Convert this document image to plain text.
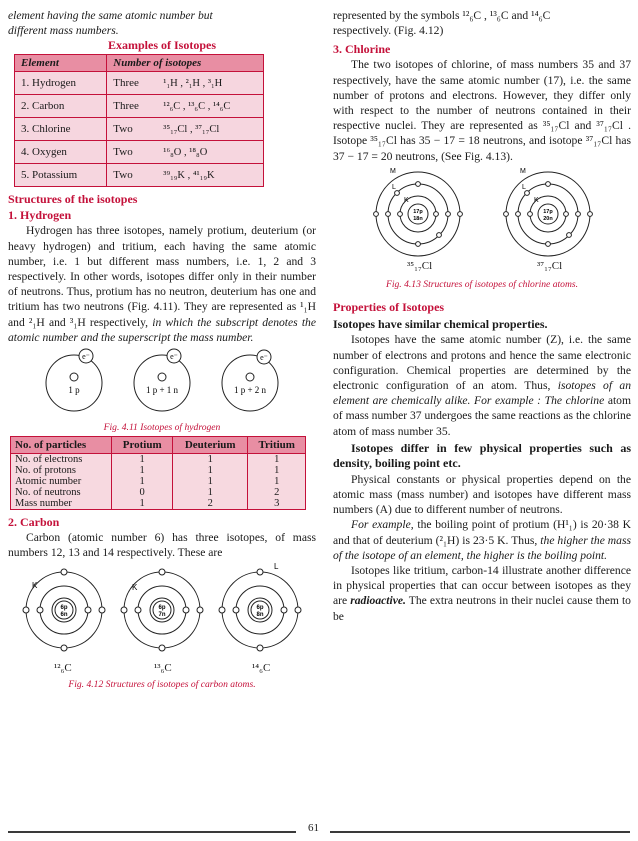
element having the same atomic number but
different mass numbers.

Examples of Isotopes
Element	Number of isotopes	
1. Hydrogen	Three	¹₁H , ²₁H , ³₁H
2. Carbon	Three	¹²₆C , ¹³₆C , ¹⁴₆C
3. Chlorine	Two	³⁵₁₇Cl , ³⁷₁₇Cl
4. Oxygen	Two	¹⁶₈O , ¹⁸₈O
5. Potassium	Two	³⁹₁₉K , ⁴¹₁₉K
Structures of the isotopes
1. Hydrogen

Hydrogen has three isotopes, namely protium, deuterium (or heavy hydrogen) and tritium, each having the same atomic number, i.e. 1 but different mass numbers, i.e. 1, 2 and 3 respectively. In other words, isotopes differ only in their number of neutrons. Thus, protium has no neutron, deuterium has one and tritium has two neutrons (Fig. 4.11). They are represented as ¹₁H and ²₁H and ³₁H respectively, in which the subscript denotes the atomic number and the superscript the mass number.

e⁻
1 p
e⁻
1 p + 1 n
e⁻
1 p + 2 n
Fig. 4.11 Isotopes of hydrogen
No. of particles	Protium	Deuterium	Tritium
No. of electrons	1	1	1
No. of protons	1	1	1
Atomic number	1	1	1
No. of neutrons	0	1	2
Mass number	1	2	3
2. Carbon

Carbon (atomic number 6) has three isotopes, of mass numbers 12, 13 and 14 respectively. These are

6p
6n
K
6p
7n
K
6p
8n
L
¹²₆C	¹³₆C	¹⁴₆C
Fig. 4.12 Structures of isotopes of carbon atoms.

represented by the symbols ¹²₆C , ¹³₆C and ¹⁴₆C
respectively. (Fig. 4.12)

3. Chlorine

The two isotopes of chlorine, of mass numbers 35 and 37 respectively, have the same atomic number (17), i.e. the same number of protons and electrons. However, they differ only with respect to the number of neutrons contained in their respective nuclei. They are represented as ³⁵₁₇Cl and ³⁷₁₇Cl . Isotope ³⁵₁₇Cl has 35 − 17 = 18 neutrons, and isotope ³⁷₁₇Cl has 37 − 17 = 20 neutrons, (See Fig. 4.13).

17p
18n
M
L
K
17p
20n
M
L
K
³⁵₁₇Cl	³⁷₁₇Cl
Fig. 4.13 Structures of isotopes of chlorine atoms.
Properties of Isotopes
Isotopes have similar chemical properties.

Isotopes have the same atomic number (Z), i.e. the same number of electrons and protons and hence the same electronic configuration. Chemical properties are determined by the electronic configuration of an atom. Thus, isotopes of an element are chemically alike. For example : The chlorine atom of mass number 37 undergoes the same reactions as the chlorine atom of mass number 35.

Isotopes differ in few physical properties such as density, boiling point etc.

Physical constants or physical properties depend on the atomic mass (mass number) and isotopes have different mass numbers (A) due to different number of neutrons.

For example, the boiling point of protium (H¹₁) is 20·38 K and that of deuterium (²₁H) is 23·5 K. Thus, the higher the mass of the isotope of an element, the higher is the boiling point.

Isotopes like tritium, carbon-14 illustrate another difference in physical properties that can occur between isotopes as they are radioactive. The extra neutrons in their nuclei cause them to be

61
